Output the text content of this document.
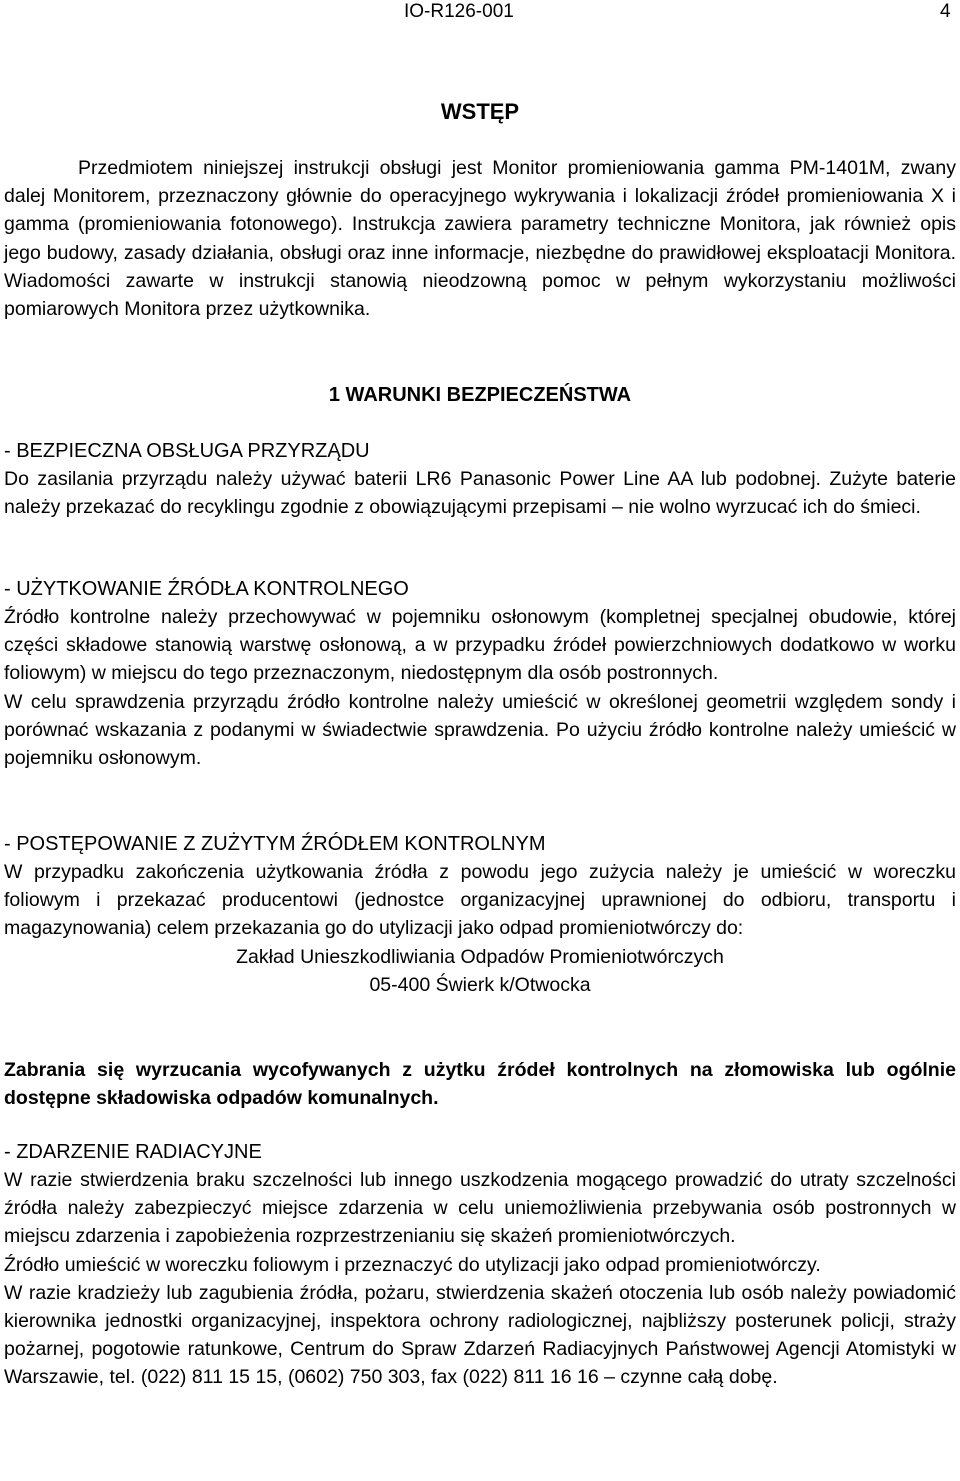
IO-R126-001	4
WSTĘP

Przedmiotem niniejszej instrukcji obsługi jest Monitor promieniowania gamma PM-1401M, zwany dalej Monitorem, przeznaczony głównie do operacyjnego wykrywania i lokalizacji źródeł promieniowania X i gamma (promieniowania fotonowego). Instrukcja zawiera parametry techniczne Monitora, jak również opis jego budowy, zasady działania, obsługi oraz inne informacje, niezbędne do prawidłowej eksploatacji Monitora. Wiadomości zawarte w instrukcji stanowią nieodzowną pomoc w pełnym wykorzystaniu możliwości pomiarowych Monitora przez użytkownika.

1 WARUNKI BEZPIECZEŃSTWA

- BEZPIECZNA OBSŁUGA PRZYRZĄDU

Do zasilania przyrządu należy używać baterii LR6 Panasonic Power Line AA lub podobnej. Zużyte baterie należy przekazać do recyklingu zgodnie z obowiązującymi przepisami – nie wolno wyrzucać ich do śmieci.

- UŻYTKOWANIE ŹRÓDŁA KONTROLNEGO

Źródło kontrolne należy przechowywać w pojemniku osłonowym (kompletnej specjalnej obudowie, której części składowe stanowią warstwę osłonową, a w przypadku źródeł powierzchniowych dodatkowo w worku foliowym) w miejscu do tego przeznaczonym, niedostępnym dla osób postronnych.

W celu sprawdzenia przyrządu źródło kontrolne należy umieścić w określonej geometrii względem sondy i porównać wskazania z podanymi w świadectwie sprawdzenia. Po użyciu źródło kontrolne należy umieścić w pojemniku osłonowym.

- POSTĘPOWANIE Z ZUŻYTYM ŹRÓDŁEM KONTROLNYM

W przypadku zakończenia użytkowania źródła z powodu jego zużycia należy je umieścić w woreczku foliowym i przekazać producentowi (jednostce organizacyjnej uprawnionej do odbioru, transportu i magazynowania) celem przekazania go do utylizacji jako odpad promieniotwórczy do:

Zakład Unieszkodliwiania Odpadów Promieniotwórczych

05-400 Świerk k/Otwocka

Zabrania się wyrzucania wycofywanych z użytku źródeł kontrolnych na złomowiska lub ogólnie dostępne składowiska odpadów komunalnych.

- ZDARZENIE RADIACYJNE

W razie stwierdzenia braku szczelności lub innego uszkodzenia mogącego prowadzić do utraty szczelności źródła należy zabezpieczyć miejsce zdarzenia w celu uniemożliwienia przebywania osób postronnych w miejscu zdarzenia i zapobieżenia rozprzestrzenianiu się skażeń promieniotwórczych.

Źródło umieścić w woreczku foliowym i przeznaczyć do utylizacji jako odpad promieniotwórczy.

W razie kradzieży lub zagubienia źródła, pożaru, stwierdzenia skażeń otoczenia lub osób należy powiadomić kierownika jednostki organizacyjnej, inspektora ochrony radiologicznej, najbliższy posterunek policji, straży pożarnej, pogotowie ratunkowe, Centrum do Spraw Zdarzeń Radiacyjnych Państwowej Agencji Atomistyki w Warszawie, tel. (022) 811 15 15, (0602) 750 303, fax (022) 811 16 16 – czynne całą dobę.
